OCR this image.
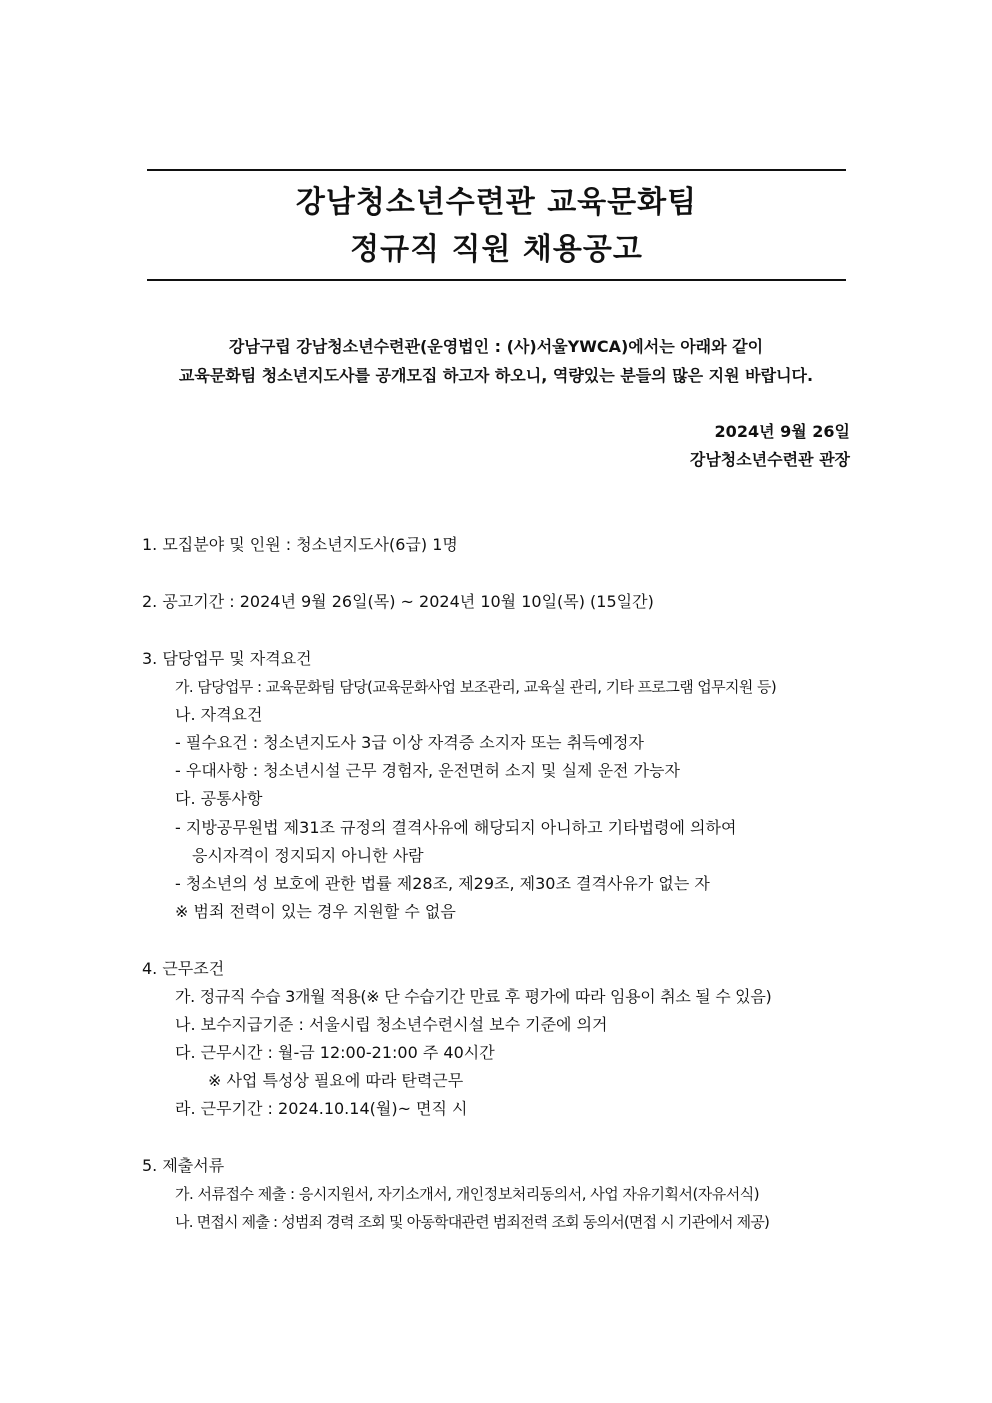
강남청소년수련관 교육문화팀
정규직 직원 채용공고
강남구립 강남청소년수련관(운영법인 : (사)서울YWCA)에서는 아래와 같이
교육문화팀 청소년지도사를 공개모집 하고자 하오니, 역량있는 분들의 많은 지원 바랍니다.
2024년 9월 26일
강남청소년수련관 관장
1. 모집분야 및 인원 : 청소년지도사(6급) 1명
2. 공고기간 : 2024년 9월 26일(목) ~ 2024년 10월 10일(목) (15일간)
3. 담당업무 및 자격요건
가. 담당업무 : 교육문화팀 담당(교육문화사업 보조관리, 교육실 관리, 기타 프로그램 업무지원 등)
나. 자격요건
- 필수요건 : 청소년지도사 3급 이상 자격증 소지자 또는 취득예정자
- 우대사항 : 청소년시설 근무 경험자, 운전면허 소지 및 실제 운전 가능자
다. 공통사항
- 지방공무원법 제31조 규정의 결격사유에 해당되지 아니하고 기타법령에 의하여
응시자격이 정지되지 아니한 사람
- 청소년의 성 보호에 관한 법률 제28조, 제29조, 제30조 결격사유가 없는 자
※ 범죄 전력이 있는 경우 지원할 수 없음
4. 근무조건
가. 정규직 수습 3개월 적용(※ 단 수습기간 만료 후 평가에 따라 임용이 취소 될 수 있음)
나. 보수지급기준 : 서울시립 청소년수련시설 보수 기준에 의거
다. 근무시간 : 월-금 12:00-21:00 주 40시간
※ 사업 특성상 필요에 따라 탄력근무
라. 근무기간 : 2024.10.14(월)~ 면직 시
5. 제출서류
가. 서류접수 제출 : 응시지원서, 자기소개서, 개인정보처리동의서, 사업 자유기획서(자유서식)
나. 면접시 제출 : 성범죄 경력 조회 및 아동학대관련 범죄전력 조회 동의서(면접 시 기관에서 제공)
